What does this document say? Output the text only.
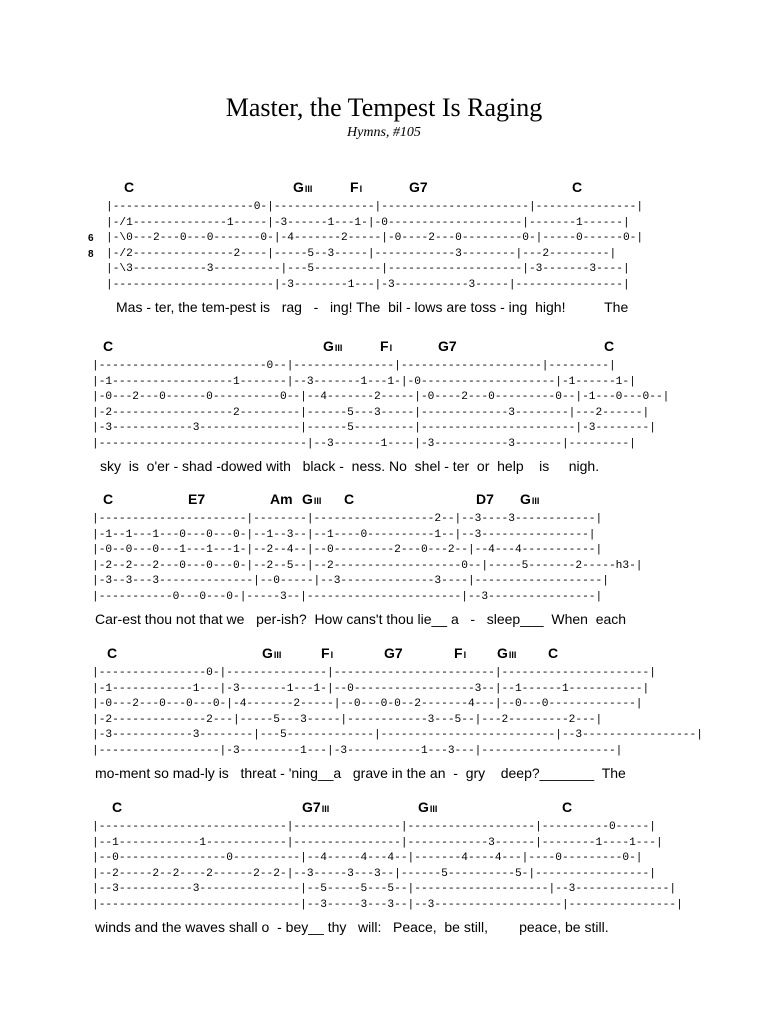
Master, the Tempest Is Raging
Hymns, #105
C	GIII	FI	G7	C
|---------------------0-|---------------|----------------------|---------------|
|-/1--------------1-----|-3------1---1-|-0--------------------|-------1------|
6 |-\0---2---0---0-------0-|-4-------2-----|-0----2---0---------0-|-----0------0-|
8 |-/2---------------2----|-----5--3-----|------------3--------|---2---------|
|-\3-----------3----------|---5----------|--------------------|-3-------3----|
|------------------------|-3--------1---|-3-----------3-----|----------------|
Mas - ter, the tem-pest is   rag   -   ing! The  bil - lows are toss - ing  high!          The
C	GIII	FI	G7	C
|-------------------------0--|---------------|---------------------|---------|
|-1------------------1-------|--3-------1---1-|-0--------------------|-1------1-|
|-0---2---0------0----------0--|--4-------2-----|-0----2---0---------0--|-1---0---0--|
|-2------------------2---------|------5---3-----|-------------3--------|---2------|
|-3------------3---------------|------5---------|-----------------------|-3--------|
|-------------------------------|--3-------1----|-3-----------3-------|---------|
sky  is  o'er - shad -dowed with   black -  ness. No  shel - ter  or  help    is     nigh.
C	E7	Am GIII C	D7 GIII
|----------------------|--------|------------------2--|--3----3------------|
|-1--1---1---0---0---0-|--1--3--|--1----0----------1--|--3----------------|
|-0--0---0---1---1---1-|--2--4--|--0---------2---0---2--|--4---4-----------|
|-2--2---2---0---0---0-|--2--5--|--2-------------------0--|-----5-------2-----h3-|
|-3--3---3--------------|--0-----|--3--------------3----|-------------------|
|-----------0---0---0-|-----3--|-----------------------|--3----------------|
Car-est thou not that we   per-ish?  How cans't thou lie__ a   -   sleep___  When  each
C	GIII	FI	G7	FI GIII C
|----------------0-|---------------|------------------------|----------------------|
|-1------------1---|-3-------1---1-|--0------------------3--|--1------1-----------|
|-0---2---0---0---0-|-4-------2-----|--0---0-0--2-------4---|--0---0-------------|
|-2--------------2---|-----5---3-----|------------3---5--|---2---------2---|
|-3------------3--------|---5-------------|--------------------------|--3-----------------|
|------------------|-3---------1---|-3-----------1---3---|--------------------|
mo-ment so mad-ly is   threat - 'ning__a   grave in the an  -  gry    deep?_______  The
C	G7III	GIII	C
|----------------------------|----------------|-------------------|----------0-----|
|--1------------1------------|----------------|------------3------|--------1----1---|
|--0----------------0----------|--4-----4---4--|-------4----4---|----0---------0-|
|--2-----2--2----2------2--2-|--3-----3---3--|------5----------5-|-----------------|
|--3-----------3---------------|--5-----5---5--|--------------------|--3--------------|
|------------------------------|--3-----3---3--|--3-------------------|----------------|
winds and the waves shall o  - bey__ thy   will:   Peace,  be still,        peace, be still.
